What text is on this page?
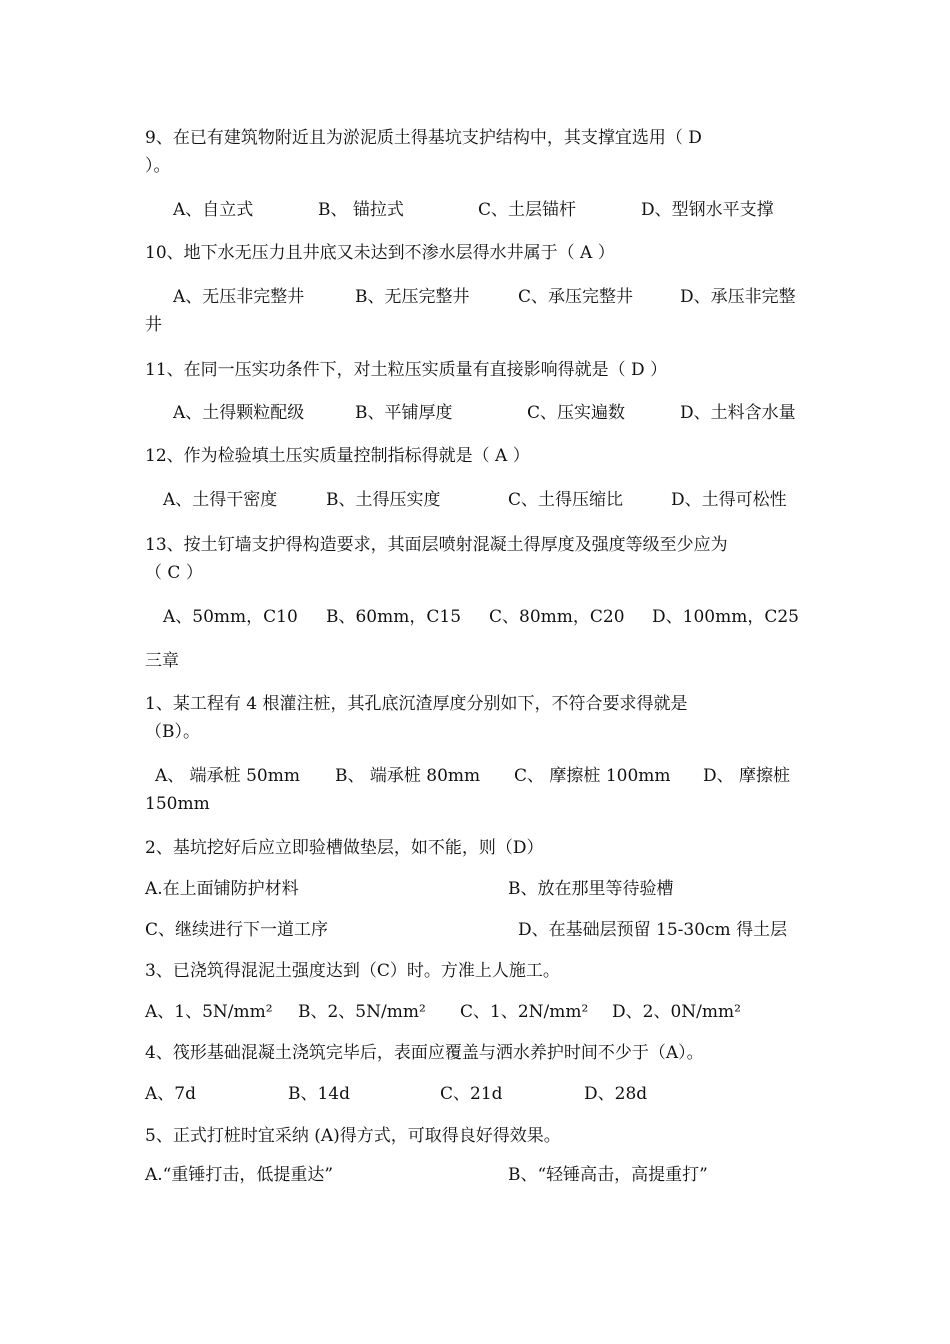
9、在已有建筑物附近且为淤泥质土得基坑支护结构中，其支撑宜选用（ D
）。
A、自立式	B、 锚拉式	C、土层锚杆	D、型钢水平支撑
10、地下水无压力且井底又未达到不渗水层得水井属于（ A ）
A、无压非完整井	B、无压完整井	C、承压完整井	D、承压非完整
井
11、在同一压实功条件下，对土粒压实质量有直接影响得就是（ D ）
A、土得颗粒配级	B、平铺厚度	C、压实遍数	D、土料含水量
12、作为检验填土压实质量控制指标得就是（ A ）
A、土得干密度	B、土得压实度	C、土得压缩比	D、土得可松性
13、按土钉墙支护得构造要求，其面层喷射混凝土得厚度及强度等级至少应为
（ C ）
A、50mm，C10 B、60mm，C15 C、80mm，C20 D、100mm，C25
三章
1、某工程有 4 根灌注桩，其孔底沉渣厚度分别如下，不符合要求得就是
（B）。
A、 端承桩 50mm B、 端承桩 80mm C、 摩擦桩 100mm D、 摩擦桩
150mm
2、基坑挖好后应立即验槽做垫层，如不能，则（D）
A.在上面铺防护材料	B、放在那里等待验槽
C、继续进行下一道工序	D、在基础层预留 15-30cm 得土层
3、已浇筑得混泥土强度达到（C）时。方准上人施工。
A、1、5N/mm² B、2、5N/mm² C、1、2N/mm² D、2、0N/mm²
4、筏形基础混凝土浇筑完毕后，表面应覆盖与洒水养护时间不少于（A）。
A、7d	B、14d	C、21d	D、28d
5、正式打桩时宜采纳 (A)得方式，可取得良好得效果。
A.“重锤打击，低提重达”	B、“轻锤高击，高提重打”
